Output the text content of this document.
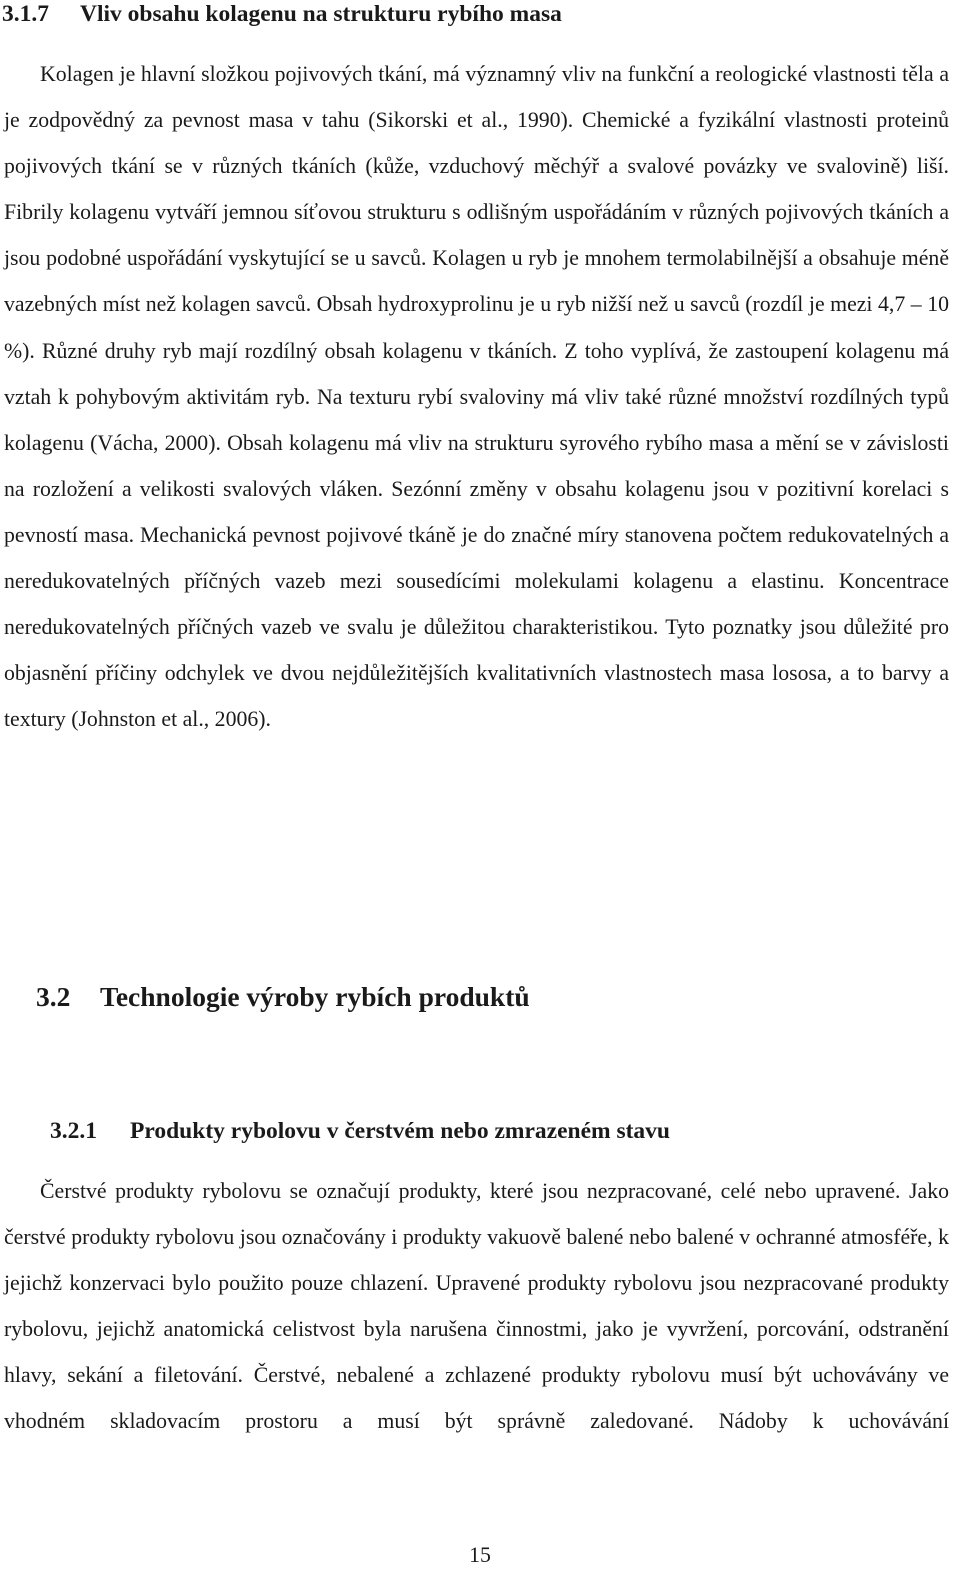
3.1.7 Vliv obsahu kolagenu na strukturu rybího masa

Kolagen je hlavní složkou pojivových tkání, má významný vliv na funkční a reologické vlastnosti těla a je zodpovědný za pevnost masa v tahu (Sikorski et al., 1990). Chemické a fyzikální vlastnosti proteinů pojivových tkání se v různých tkáních (kůže, vzduchový měchýř a svalové povázky ve svalovině) liší. Fibrily kolagenu vytváří jemnou síťovou strukturu s odlišným uspořádáním v různých pojivových tkáních a jsou podobné uspořádání vyskytující se u savců. Kolagen u ryb je mnohem termolabilnější a obsahuje méně vazebných míst než kolagen savců. Obsah hydroxyprolinu je u ryb nižší než u savců (rozdíl je mezi 4,7 – 10 %). Různé druhy ryb mají rozdílný obsah kolagenu v tkáních. Z toho vyplívá, že zastoupení kolagenu má vztah k pohybovým aktivitám ryb. Na texturu rybí svaloviny má vliv také různé množství rozdílných typů kolagenu (Vácha, 2000). Obsah kolagenu má vliv na strukturu syrového rybího masa a mění se v závislosti na rozložení a velikosti svalových vláken. Sezónní změny v obsahu kolagenu jsou v pozitivní korelaci s pevností masa. Mechanická pevnost pojivové tkáně je do značné míry stanovena počtem redukovatelných a neredukovatelných příčných vazeb mezi sousedícími molekulami kolagenu a elastinu. Koncentrace neredukovatelných příčných vazeb ve svalu je důležitou charakteristikou. Tyto poznatky jsou důležité pro objasnění příčiny odchylek ve dvou nejdůležitějších kvalitativních vlastnostech masa lososa, a to barvy a textury (Johnston et al., 2006).

3.2 Technologie výroby rybích produktů
3.2.1 Produkty rybolovu v čerstvém nebo zmrazeném stavu

Čerstvé produkty rybolovu se označují produkty, které jsou nezpracované, celé nebo upravené. Jako čerstvé produkty rybolovu jsou označovány i produkty vakuově balené nebo balené v ochranné atmosféře, k jejichž konzervaci bylo použito pouze chlazení. Upravené produkty rybolovu jsou nezpracované produkty rybolovu, jejichž anatomická celistvost byla narušena činnostmi, jako je vyvržení, porcování, odstranění hlavy, sekání a filetování. Čerstvé, nebalené a zchlazené produkty rybolovu musí být uchovávány ve vhodném skladovacím prostoru a musí být správně zaledované. Nádoby k uchovávání

15
